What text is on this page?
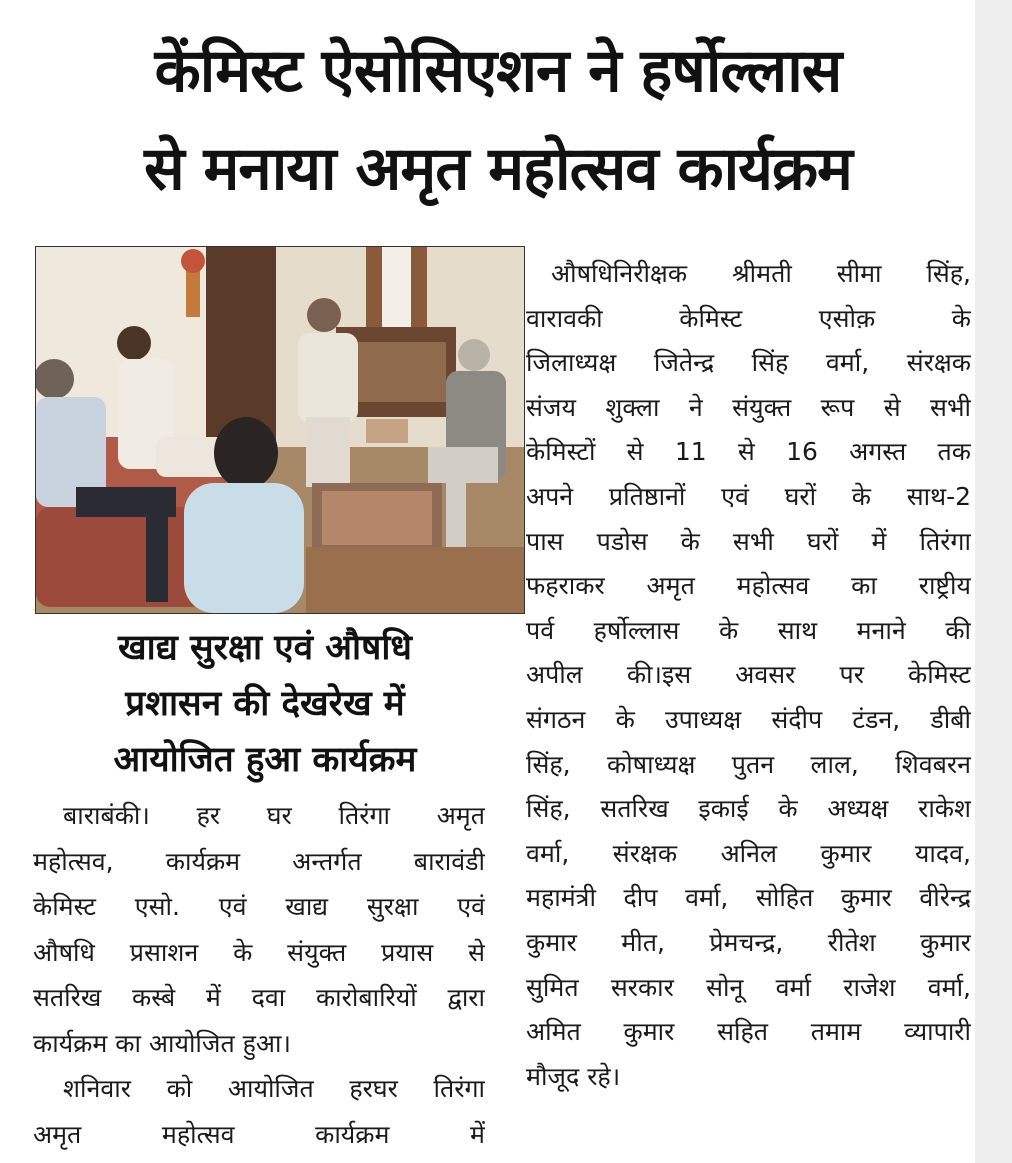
केंमिस्ट ऐसोसिएशन ने हर्षोल्लास
से मनाया अमृत महोत्सव कार्यक्रम
खाद्य सुरक्षा एवं औषधि
प्रशासन की देखरेख में
आयोजित हुआ कार्यक्रम
बाराबंकी। हर घर तिरंगा अमृत
महोत्सव, कार्यक्रम अन्तर्गत बारावंडी
केमिस्ट एसो. एवं खाद्य सुरक्षा एवं
औषधि प्रसाशन के संयुक्त प्रयास से
सतरिख कस्बे में दवा कारोबारियों द्वारा
कार्यक्रम का आयोजित हुआ।
शनिवार को आयोजित हरघर तिरंगा
अमृत महोत्सव कार्यक्रम में
औषधिनिरीक्षक श्रीमती सीमा सिंह,
वारावकी केमिस्ट एसोक़ के
जिलाध्यक्ष जितेन्द्र सिंह वर्मा, संरक्षक
संजय शुक्ला ने संयुक्त रूप से सभी
केमिस्टों से 11 से 16 अगस्त तक
अपने प्रतिष्ठानों एवं घरों के साथ-2
पास पडोस के सभी घरों में तिरंगा
फहराकर अमृत महोत्सव का राष्ट्रीय
पर्व हर्षोल्लास के साथ मनाने की
अपील की।इस अवसर पर केमिस्ट
संगठन के उपाध्यक्ष संदीप टंडन, डीबी
सिंह, कोषाध्यक्ष पुतन लाल, शिवबरन
सिंह, सतरिख इकाई के अध्यक्ष राकेश
वर्मा, संरक्षक अनिल कुमार यादव,
महामंत्री दीप वर्मा, सोहित कुमार वीरेन्द्र
कुमार मीत, प्रेमचन्द्र, रीतेश कुमार
सुमित सरकार सोनू वर्मा राजेश वर्मा,
अमित कुमार सहित तमाम व्यापारी
मौजूद रहे।
